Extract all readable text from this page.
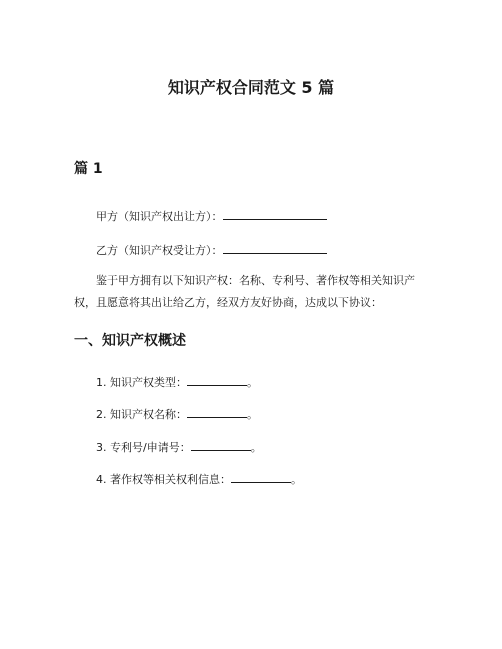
知识产权合同范文 5 篇
篇 1
甲方（知识产权出让方）：
乙方（知识产权受让方）：
鉴于甲方拥有以下知识产权：名称、专利号、著作权等相关知识产权，且愿意将其出让给乙方，经双方友好协商，达成以下协议：
一、知识产权概述
1. 知识产权类型：	。
2. 知识产权名称：	。
3. 专利号/申请号：	。
4. 著作权等相关权利信息：	。
